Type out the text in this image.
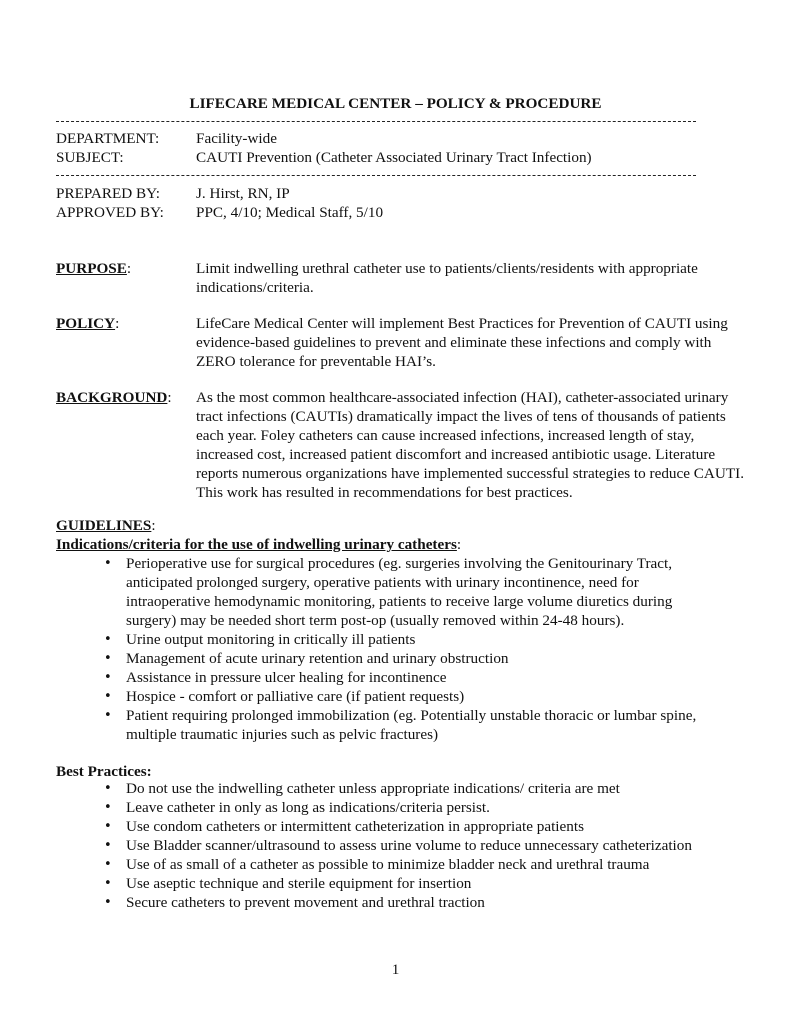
LIFECARE MEDICAL CENTER – POLICY & PROCEDURE
DEPARTMENT: Facility-wide
SUBJECT:	CAUTI Prevention (Catheter Associated Urinary Tract Infection)
PREPARED BY: J. Hirst, RN, IP
APPROVED BY: PPC, 4/10; Medical Staff, 5/10
PURPOSE:	Limit indwelling urethral catheter use to patients/clients/residents with appropriate indications/criteria.

POLICY:	LifeCare Medical Center will implement Best Practices for Prevention of CAUTI using evidence-based guidelines to prevent and eliminate these infections and comply with ZERO tolerance for preventable HAI’s.

BACKGROUND: As the most common healthcare-associated infection (HAI), catheter-associated urinary tract infections (CAUTIs) dramatically impact the lives of tens of thousands of patients each year. Foley catheters can cause increased infections, increased length of stay, increased cost, increased patient discomfort and increased antibiotic usage. Literature reports numerous organizations have implemented successful strategies to reduce CAUTI. This work has resulted in recommendations for best practices.

GUIDELINES:
Indications/criteria for the use of indwelling urinary catheters:
• Perioperative use for surgical procedures (eg. surgeries involving the Genitourinary Tract, anticipated prolonged surgery, operative patients with urinary incontinence, need for intraoperative hemodynamic monitoring, patients to receive large volume diuretics during surgery) may be needed short term post-op (usually removed within 24-48 hours).
• Urine output monitoring in critically ill patients
• Management of acute urinary retention and urinary obstruction
• Assistance in pressure ulcer healing for incontinence
• Hospice - comfort or palliative care (if patient requests)
• Patient requiring prolonged immobilization (eg. Potentially unstable thoracic or lumbar spine, multiple traumatic injuries such as pelvic fractures)
Best Practices:
• Do not use the indwelling catheter unless appropriate indications/ criteria are met
• Leave catheter in only as long as indications/criteria persist.
• Use condom catheters or intermittent catheterization in appropriate patients
• Use Bladder scanner/ultrasound to assess urine volume to reduce unnecessary catheterization
• Use of as small of a catheter as possible to minimize bladder neck and urethral trauma
• Use aseptic technique and sterile equipment for insertion
• Secure catheters to prevent movement and urethral traction
1
